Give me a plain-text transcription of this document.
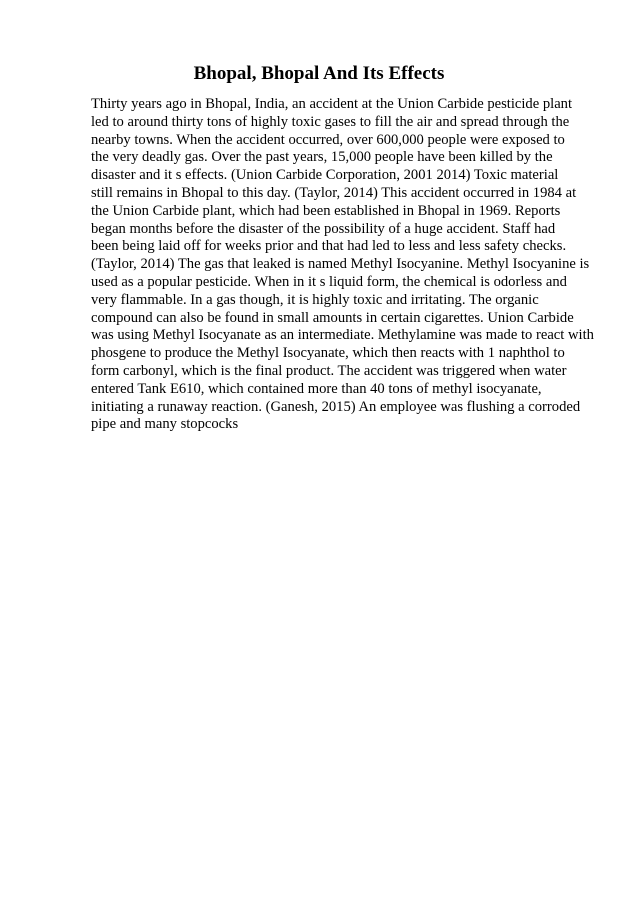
Bhopal, Bhopal And Its Effects
Thirty years ago in Bhopal, India, an accident at the Union Carbide pesticide plant
led to around thirty tons of highly toxic gases to fill the air and spread through the
nearby towns. When the accident occurred, over 600,000 people were exposed to
the very deadly gas. Over the past years, 15,000 people have been killed by the
disaster and it s effects. (Union Carbide Corporation, 2001 2014) Toxic material
still remains in Bhopal to this day. (Taylor, 2014) This accident occurred in 1984 at
the Union Carbide plant, which had been established in Bhopal in 1969. Reports
began months before the disaster of the possibility of a huge accident. Staff had
been being laid off for weeks prior and that had led to less and less safety checks.
(Taylor, 2014) The gas that leaked is named Methyl Isocyanine. Methyl Isocyanine is
used as a popular pesticide. When in it s liquid form, the chemical is odorless and
very flammable. In a gas though, it is highly toxic and irritating. The organic
compound can also be found in small amounts in certain cigarettes. Union Carbide
was using Methyl Isocyanate as an intermediate. Methylamine was made to react with
phosgene to produce the Methyl Isocyanate, which then reacts with 1 naphthol to
form carbonyl, which is the final product. The accident was triggered when water
entered Tank E610, which contained more than 40 tons of methyl isocyanate,
initiating a runaway reaction. (Ganesh, 2015) An employee was flushing a corroded
pipe and many stopcocks
